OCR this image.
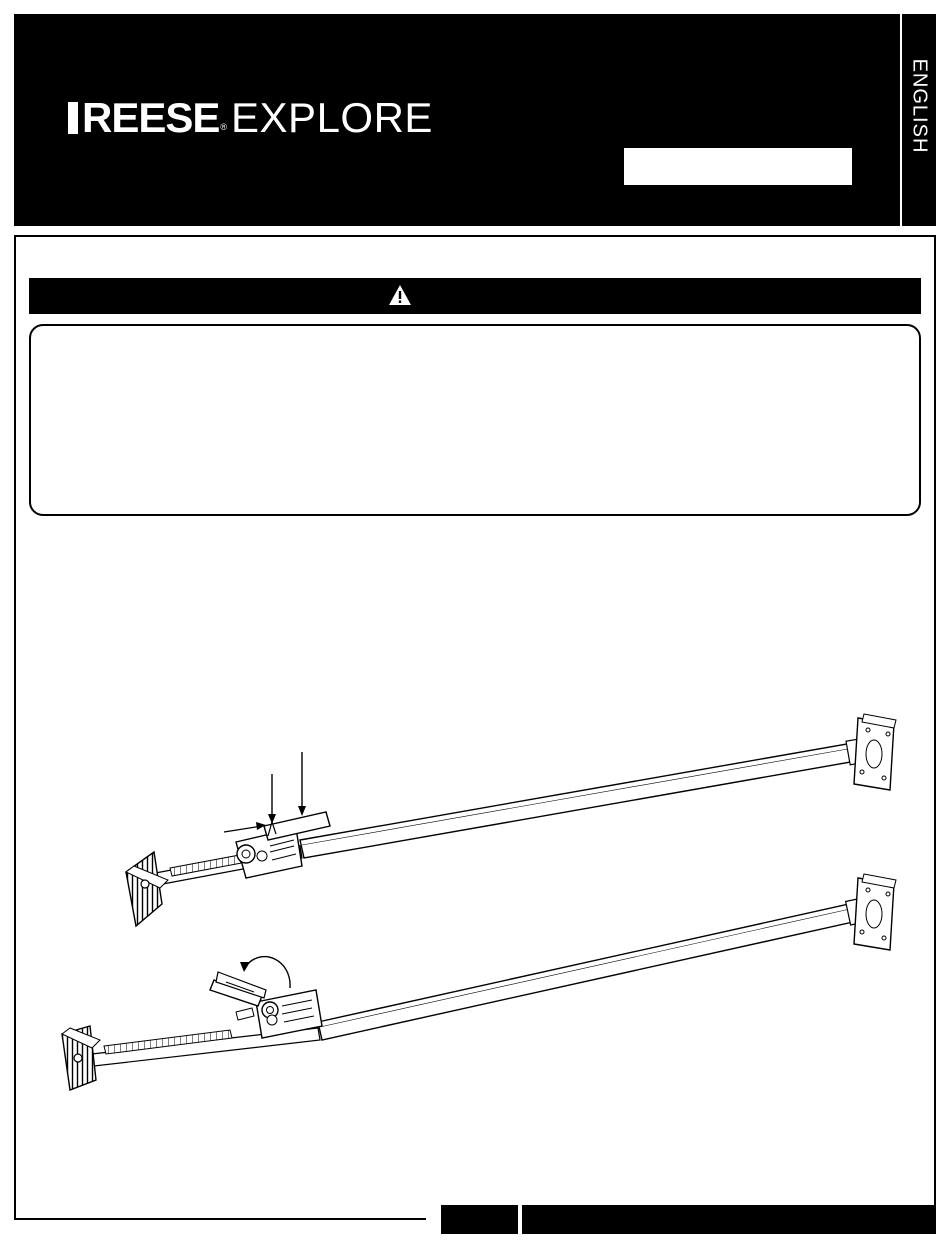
REESE ® EXPLORE	ENGLISH
